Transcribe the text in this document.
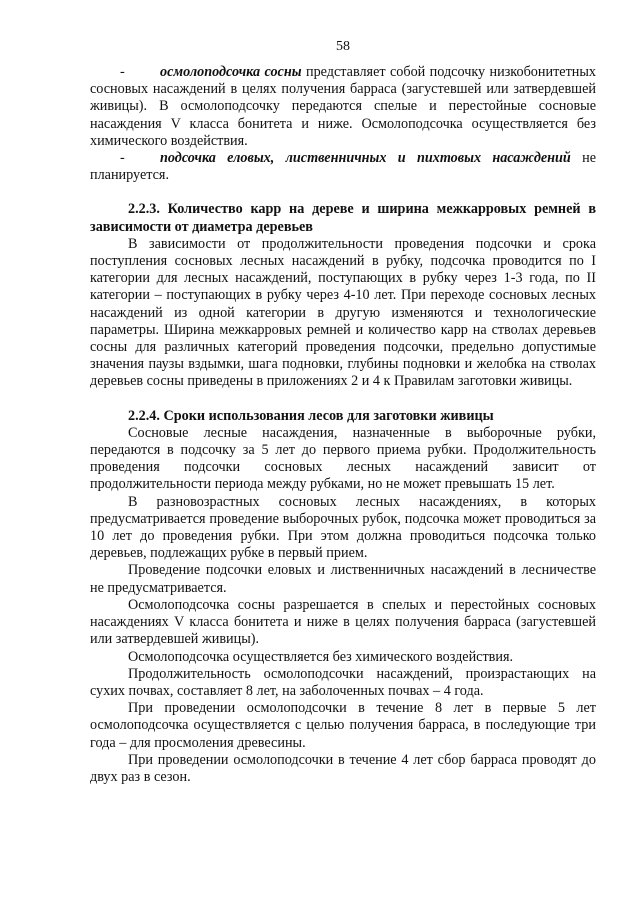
58

- осмолоподсочка сосны представляет собой подсочку низкобонитетных сосновых насаждений в целях получения барраса (загустевшей или затвердевшей живицы). В осмолоподсочку передаются спелые и перестойные сосновые насаждения V класса бонитета и ниже. Осмолоподсочка осуществляется без химического воздействия.

- подсочка еловых, лиственничных и пихтовых насаждений не планируется.

2.2.3. Количество карр на дереве и ширина межкарровых ремней в зависимости от диаметра деревьев

В зависимости от продолжительности проведения подсочки и срока поступления сосновых лесных насаждений в рубку, подсочка проводится по I категории для лесных насаждений, поступающих в рубку через 1-3 года, по II категории – поступающих в рубку через 4-10 лет. При переходе сосновых лесных насаждений из одной категории в другую изменяются и технологические параметры. Ширина межкарровых ремней и количество карр на стволах деревьев сосны для различных категорий проведения подсочки, предельно допустимые значения паузы вздымки, шага подновки, глубины подновки и желобка на стволах деревьев сосны приведены в приложениях 2 и 4 к Правилам заготовки живицы.

2.2.4. Сроки использования лесов для заготовки живицы

Сосновые лесные насаждения, назначенные в выборочные рубки, передаются в подсочку за 5 лет до первого приема рубки. Продолжительность проведения подсочки сосновых лесных насаждений зависит от продолжительности периода между рубками, но не может превышать 15 лет.

В разновозрастных сосновых лесных насаждениях, в которых предусматривается проведение выборочных рубок, подсочка может проводиться за 10 лет до проведения рубки. При этом должна проводиться подсочка только деревьев, подлежащих рубке в первый прием.

Проведение подсочки еловых и лиственничных насаждений в лесничестве не предусматривается.

Осмолоподсочка сосны разрешается в спелых и перестойных сосновых насаждениях V класса бонитета и ниже в целях получения барраса (загустевшей или затвердевшей живицы).

Осмолоподсочка осуществляется без химического воздействия.

Продолжительность осмолоподсочки насаждений, произрастающих на сухих почвах, составляет 8 лет, на заболоченных почвах – 4 года.

При проведении осмолоподсочки в течение 8 лет в первые 5 лет осмолоподсочка осуществляется с целью получения барраса, в последующие три года – для просмоления древесины.

При проведении осмолоподсочки в течение 4 лет сбор барраса проводят до двух раз в сезон.
